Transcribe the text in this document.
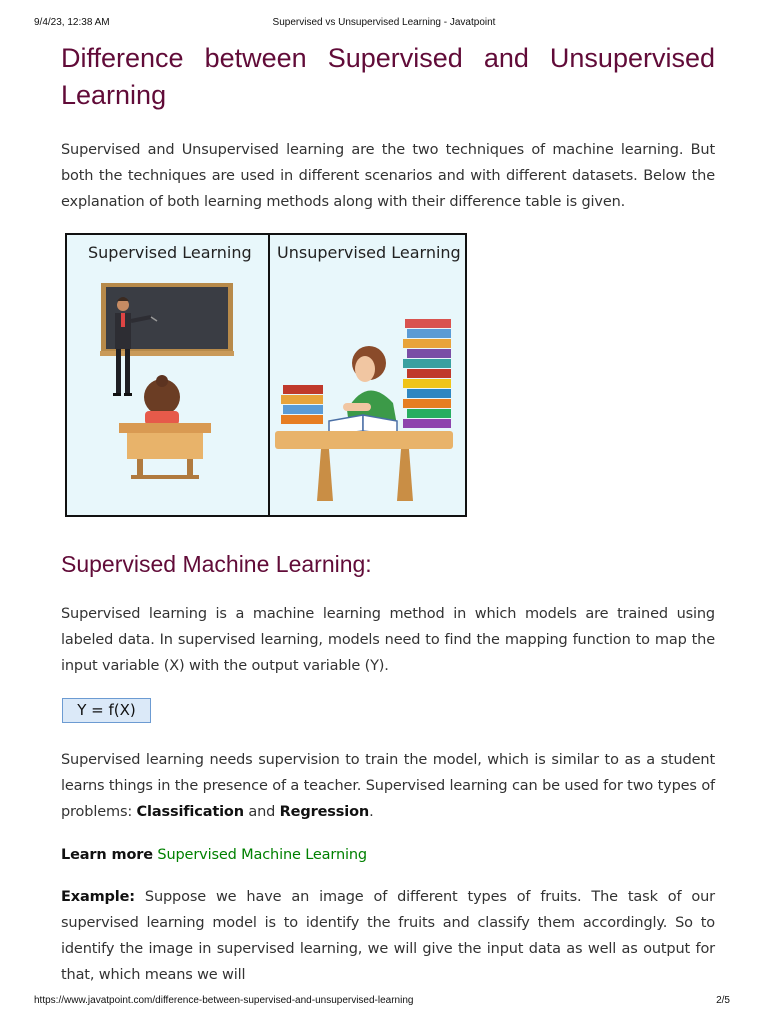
9/4/23, 12:38 AM	Supervised vs Unsupervised Learning - Javatpoint
Difference between Supervised and Unsupervised Learning

Supervised and Unsupervised learning are the two techniques of machine learning. But both the techniques are used in different scenarios and with different datasets. Below the explanation of both learning methods along with their difference table is given.

Supervised Learning Unsupervised Learning
Supervised Machine Learning:

Supervised learning is a machine learning method in which models are trained using labeled data. In supervised learning, models need to find the mapping function to map the input variable (X) with the output variable (Y).

Y = f(X)

Supervised learning needs supervision to train the model, which is similar to as a student learns things in the presence of a teacher. Supervised learning can be used for two types of problems: Classification and Regression.

Learn more Supervised Machine Learning

Example: Suppose we have an image of different types of fruits. The task of our supervised learning model is to identify the fruits and classify them accordingly. So to identify the image in supervised learning, we will give the input data as well as output for that, which means we will

https://www.javatpoint.com/difference-between-supervised-and-unsupervised-learning	2/5
